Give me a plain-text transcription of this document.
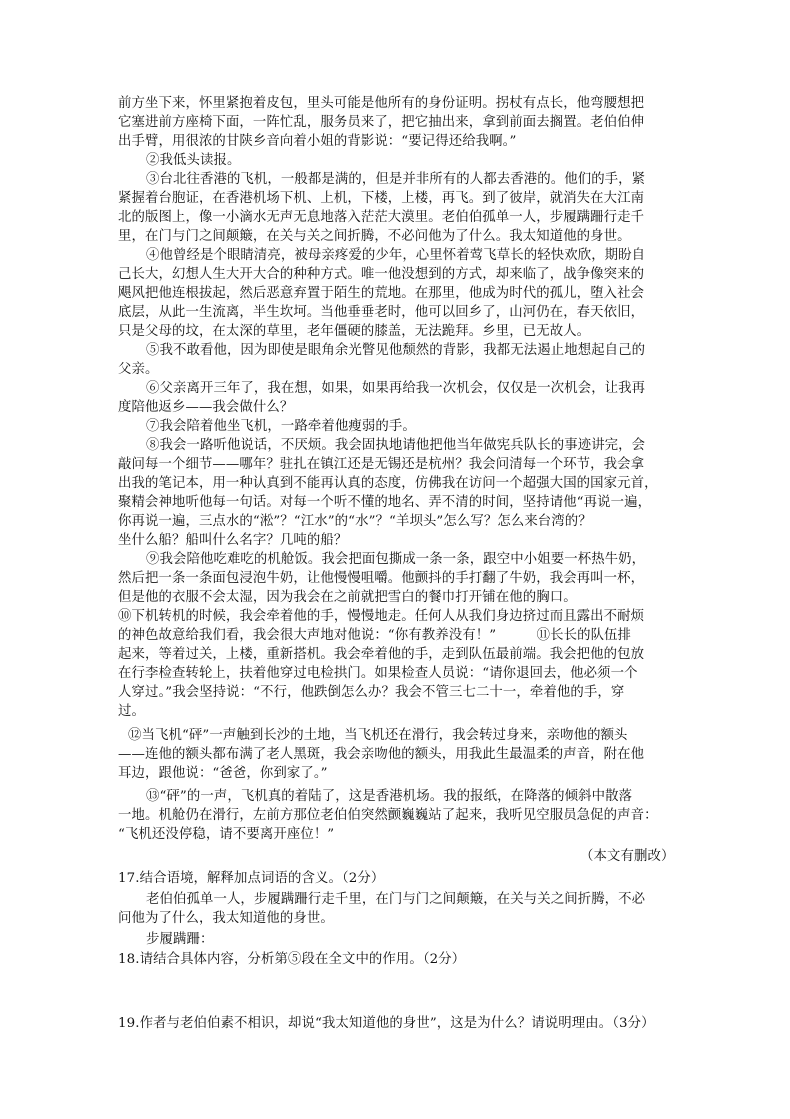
前方坐下来，怀里紧抱着皮包，里头可能是他所有的身份证明。拐杖有点长，他弯腰想把
它塞进前方座椅下面，一阵忙乱，服务员来了，把它抽出来，拿到前面去搁置。老伯伯伸
出手臂，用很浓的甘陕乡音向着小姐的背影说：“要记得还给我啊。”
②我低头读报。
③台北往香港的飞机，一般都是满的，但是并非所有的人都去香港的。他们的手，紧
紧握着台胞证，在香港机场下机、上机，下楼，上楼，再飞。到了彼岸，就消失在大江南
北的版图上，像一小滴水无声无息地落入茫茫大漠里。老伯伯孤单一人，步履蹒跚行走千
里，在门与门之间颠簸，在关与关之间折腾，不必问他为了什么。我太知道他的身世。
④他曾经是个眼睛清亮，被母亲疼爱的少年，心里怀着莺飞草长的轻快欢欣，期盼自
己长大，幻想人生大开大合的种种方式。唯一他没想到的方式，却来临了，战争像突来的
飓风把他连根拔起，然后恶意弃置于陌生的荒地。在那里，他成为时代的孤儿，堕入社会
底层，从此一生流离，半生坎坷。当他垂垂老时，他可以回乡了，山河仍在，春天依旧，
只是父母的坟，在太深的草里，老年僵硬的膝盖，无法跪拜。乡里，已无故人。
⑤我不敢看他，因为即使是眼角余光瞥见他颓然的背影，我都无法遏止地想起自己的
父亲。
⑥父亲离开三年了，我在想，如果，如果再给我一次机会，仅仅是一次机会，让我再
度陪他返乡——我会做什么？
⑦我会陪着他坐飞机，一路牵着他瘦弱的手。
⑧我会一路听他说话，不厌烦。我会固执地请他把他当年做宪兵队长的事迹讲完，会
敲问每一个细节——哪年？驻扎在镇江还是无锡还是杭州？我会问清每一个环节，我会拿
出我的笔记本，用一种认真到不能再认真的态度，仿佛我在访问一个超强大国的国家元首，
聚精会神地听他每一句话。对每一个听不懂的地名、弄不清的时间，坚持请他“再说一遍，
你再说一遍，三点水的“淞”？“江水”的“水”？“羊坝头”怎么写？怎么来台湾的？
坐什么船？船叫什么名字？几吨的船？
⑨我会陪他吃难吃的机舱饭。我会把面包撕成一条一条，跟空中小姐要一杯热牛奶，
然后把一条一条面包浸泡牛奶，让他慢慢咀嚼。他颤抖的手打翻了牛奶，我会再叫一杯，
但是他的衣服不会太湿，因为我会在之前就把雪白的餐巾打开铺在他的胸口。
⑩下机转机的时候，我会牵着他的手，慢慢地走。任何人从我们身边挤过而且露出不耐烦
的神色故意给我们看，我会很大声地对他说：“你有教养没有！”　　　⑪长长的队伍排
起来，等着过关，上楼，重新搭机。我会牵着他的手，走到队伍最前端。我会把他的包放
在行李检查转轮上，扶着他穿过电检拱门。如果检查人员说：“请你退回去，他必须一个
人穿过。”我会坚持说：“不行，他跌倒怎么办？我会不管三七二十一，牵着他的手，穿
过。
⑫当飞机“砰”一声触到长沙的土地，当飞机还在滑行，我会转过身来，亲吻他的额头
——连他的额头都布满了老人黑斑，我会亲吻他的额头，用我此生最温柔的声音，附在他
耳边，跟他说：“爸爸，你到家了。”
⑬“砰”的一声，飞机真的着陆了，这是香港机场。我的报纸，在降落的倾斜中散落
一地。机舱仍在滑行，左前方那位老伯伯突然颤巍巍站了起来，我听见空服员急促的声音：
“飞机还没停稳，请不要离开座位！”
（本文有删改）
17.结合语境，解释加点词语的含义。（2分）
老伯伯孤单一人，步履蹒跚行走千里，在门与门之间颠簸，在关与关之间折腾，不必
问他为了什么，我太知道他的身世。
步履蹒跚：
18.请结合具体内容，分析第⑤段在全文中的作用。（2分）
19.作者与老伯伯素不相识，却说“我太知道他的身世”，这是为什么？请说明理由。（3分）
